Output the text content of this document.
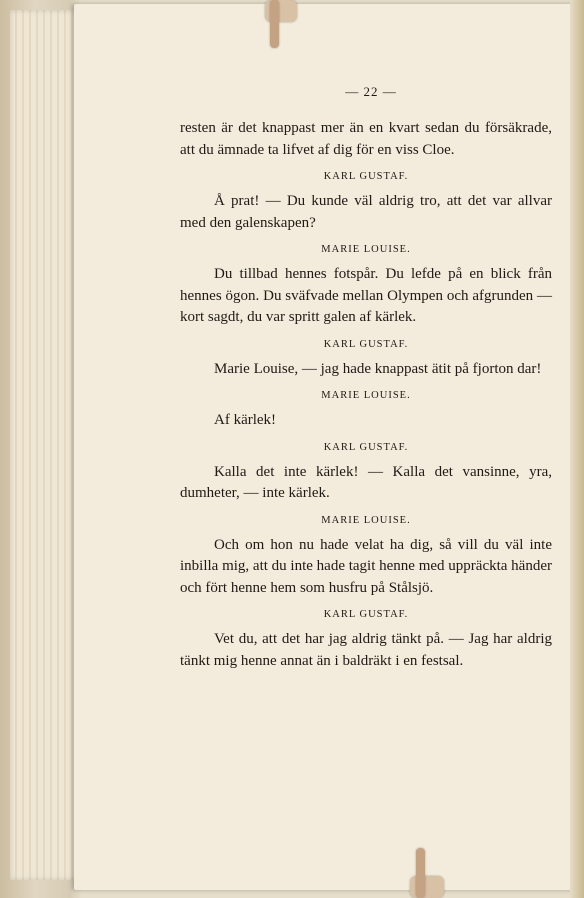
— 22 —

resten är det knappast mer än en kvart sedan du försäkrade, att du ämnade ta lifvet af dig för en viss Cloe.

KARL GUSTAF.

Å prat! — Du kunde väl aldrig tro, att det var allvar med den galenskapen?

MARIE LOUISE.

Du tillbad hennes fotspår. Du lefde på en blick från hennes ögon. Du sväfvade mellan Olympen och afgrunden — kort sagdt, du var spritt galen af kärlek.

KARL GUSTAF.

Marie Louise, — jag hade knappast ätit på fjorton dar!

MARIE LOUISE.

Af kärlek!

KARL GUSTAF.

Kalla det inte kärlek! — Kalla det vansinne, yra, dumheter, — inte kärlek.

MARIE LOUISE.

Och om hon nu hade velat ha dig, så vill du väl inte inbilla mig, att du inte hade tagit henne med uppräckta händer och fört henne hem som husfru på Stålsjö.

KARL GUSTAF.

Vet du, att det har jag aldrig tänkt på. — Jag har aldrig tänkt mig henne annat än i baldräkt i en festsal.
